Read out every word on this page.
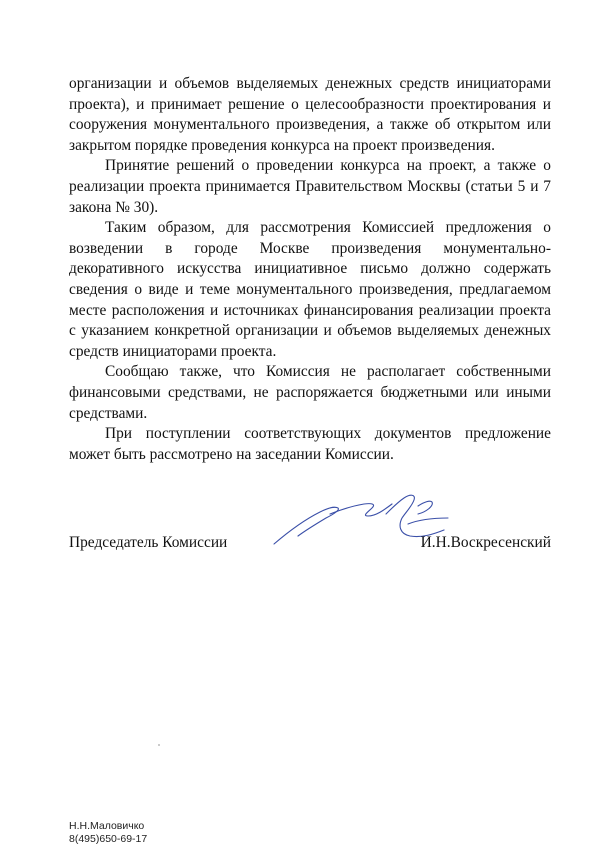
организации и объемов выделяемых денежных средств инициаторами проекта), и принимает решение о целесообразности проектирования и сооружения монументального произведения, а также об открытом или закрытом порядке проведения конкурса на проект произведения.

Принятие решений о проведении конкурса на проект, а также о реализации проекта принимается Правительством Москвы (статьи 5 и 7 закона № 30).

Таким образом, для рассмотрения Комиссией предложения о возведении в городе Москве произведения монументально-декоративного искусства инициативное письмо должно содержать сведения о виде и теме монументального произведения, предлагаемом месте расположения и источниках финансирования реализации проекта с указанием конкретной организации и объемов выделяемых денежных средств инициаторами проекта.

Сообщаю также, что Комиссия не располагает собственными финансовыми средствами, не распоряжается бюджетными или иными средствами.

При поступлении соответствующих документов предложение может быть рассмотрено на заседании Комиссии.

Председатель Комиссии	И.Н.Воскресенский
Н.Н.Маловичко
8(495)650-69-17
